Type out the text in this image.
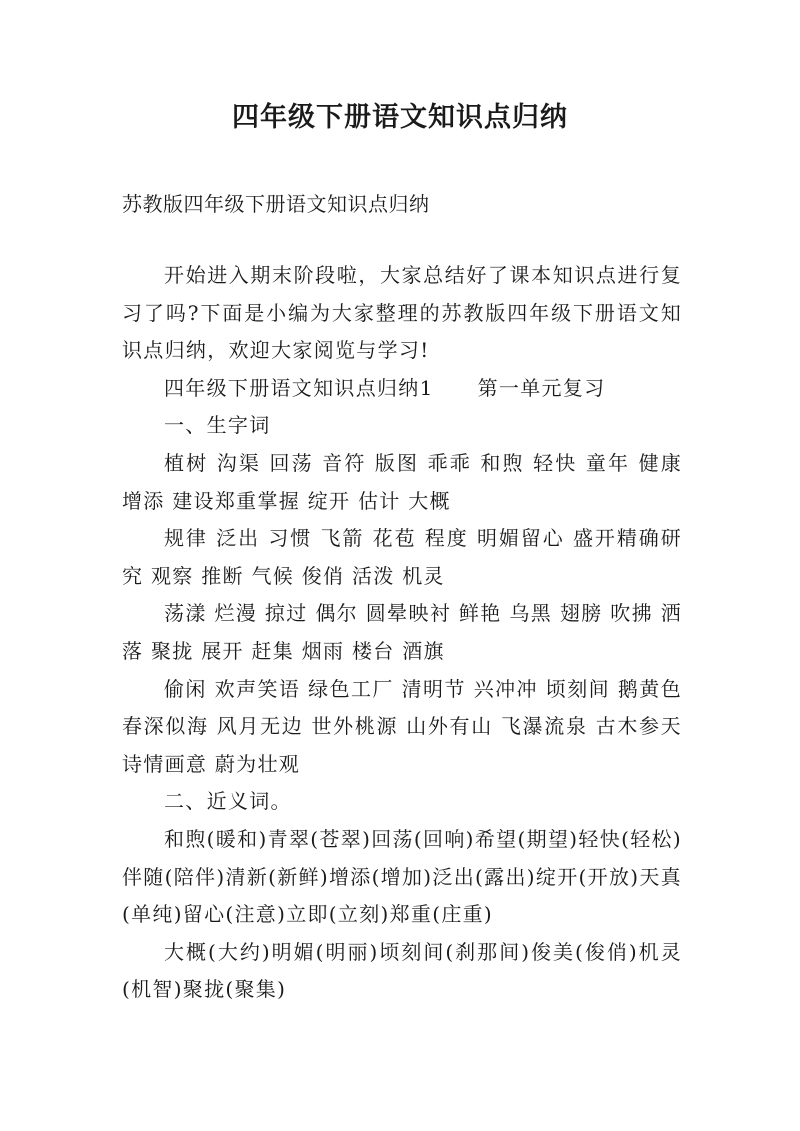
四年级下册语文知识点归纳
苏教版四年级下册语文知识点归纳

开始进入期末阶段啦，大家总结好了课本知识点进行复习了吗?下面是小编为大家整理的苏教版四年级下册语文知识点归纳，欢迎大家阅览与学习!

四年级下册语文知识点归纳1 第一单元复习

一、生字词

植树 沟渠 回荡 音符 版图 乖乖 和煦 轻快 童年 健康 增添 建设郑重掌握 绽开 估计 大概

规律 泛出 习惯 飞箭 花苞 程度 明媚留心 盛开精确研究 观察 推断 气候 俊俏 活泼 机灵

荡漾 烂漫 掠过 偶尔 圆晕映衬 鲜艳 乌黑 翅膀 吹拂 洒落 聚拢 展开 赶集 烟雨 楼台 酒旗

偷闲 欢声笑语 绿色工厂 清明节 兴冲冲 顷刻间 鹅黄色 春深似海 风月无边 世外桃源 山外有山 飞瀑流泉 古木参天诗情画意 蔚为壮观

二、近义词。

和煦(暖和)青翠(苍翠)回荡(回响)希望(期望)轻快(轻松)伴随(陪伴)清新(新鲜)增添(增加)泛出(露出)绽开(开放)天真(单纯)留心(注意)立即(立刻)郑重(庄重)

大概(大约)明媚(明丽)顷刻间(刹那间)俊美(俊俏)机灵(机智)聚拢(聚集)
